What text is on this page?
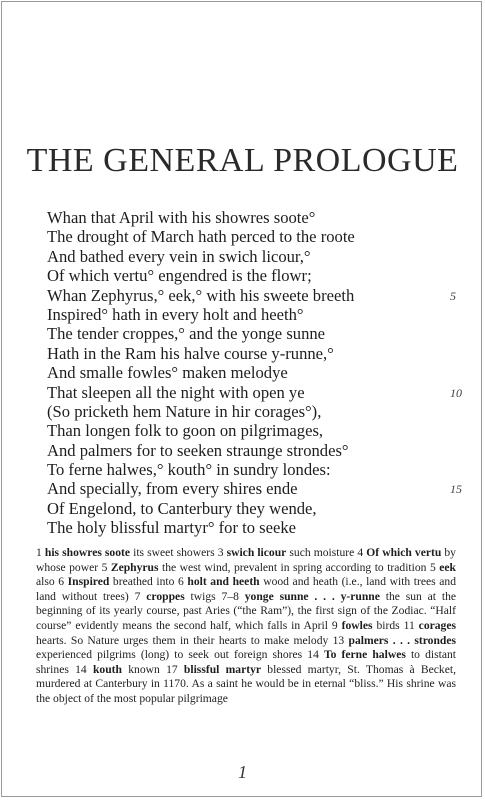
THE GENERAL PROLOGUE
Whan that April with his showres soote°
The drought of March hath perced to the roote
And bathed every vein in swich licour,°
Of which vertu° engendred is the flowr;
Whan Zephyrus,° eek,° with his sweete breeth	5
Inspired° hath in every holt and heeth°
The tender croppes,° and the yonge sunne
Hath in the Ram his halve course y-runne,°
And smalle fowles° maken melodye
That sleepen all the night with open ye	10
(So pricketh hem Nature in hir corages°),
Than longen folk to goon on pilgrimages,
And palmers for to seeken straunge strondes°
To ferne halwes,° kouth° in sundry londes:
And specially, from every shires ende	15
Of Engelond, to Canterbury they wende,
The holy blissful martyr° for to seeke
1 his showres soote its sweet showers 3 swich licour such moisture 4 Of which vertu by whose power 5 Zephyrus the west wind, prevalent in spring according to tradition 5 eek also 6 Inspired breathed into 6 holt and heeth wood and heath (i.e., land with trees and land without trees) 7 croppes twigs 7–8 yonge sunne . . . y-runne the sun at the beginning of its yearly course, past Aries (“the Ram”), the first sign of the Zodiac. “Half course” evidently means the second half, which falls in April 9 fowles birds 11 corages hearts. So Nature urges them in their hearts to make melody 13 palmers . . . strondes experienced pilgrims (long) to seek out foreign shores 14 To ferne halwes to distant shrines 14 kouth known 17 blissful martyr blessed martyr, St. Thomas à Becket, murdered at Canterbury in 1170. As a saint he would be in eternal “bliss.” His shrine was the object of the most popular pilgrimage
1
